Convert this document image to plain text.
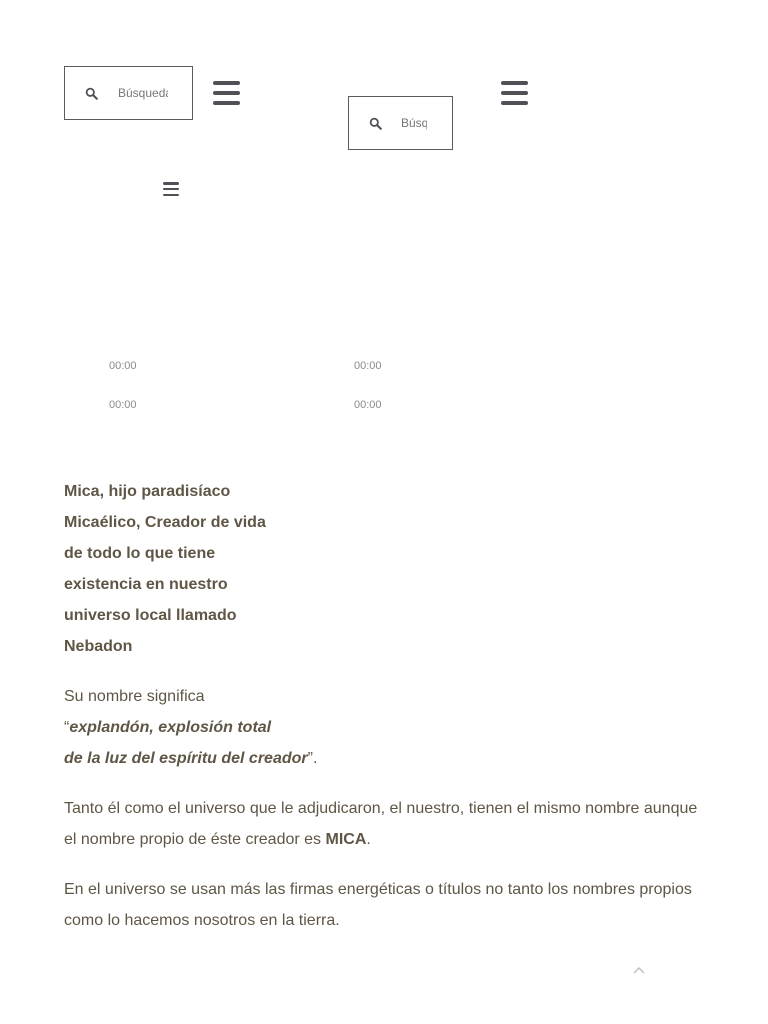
Búsqueda...
Búsqueda...
00:00
00:00
00:00
00:00
Mica, hijo paradisíaco
Micaélico, Creador de vida
de todo lo que tiene
existencia en nuestro
universo local llamado
Nebadon
Su nombre significa
“explandón, explosión total
de la luz del espíritu del creador”.

Tanto él como el universo que le adjudicaron, el nuestro, tienen el mismo nombre aunque el nombre propio de éste creador es MICA.

En el universo se usan más las firmas energéticas o títulos no tanto los nombres propios como lo hacemos nosotros en la tierra.
